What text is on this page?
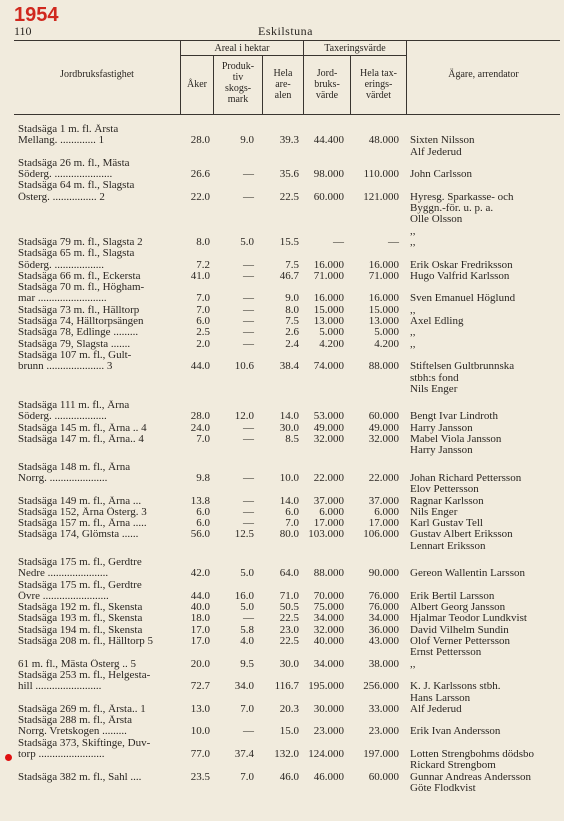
1954
110	Eskilstuna
Jordbruksfastighet
Areal i hektar	Taxeringsvärde
Åker
Produk-
tiv
skogs-
mark
Hela
are-
alen
Jord-
bruks-
värde
Hela tax-
erings-
värdet
Ägare, arrendator
Stadsäga 1 m. fl. Ärsta
Mellang. ............. 1	28.0	9.0	39.3	44.400	48.000 Sixten Nilsson
Alf Jederud
Stadsäga 26 m. fl., Mästa
Söderg. .....................	26.6	—	35.6	98.000	110.000 John Carlsson
Stadsäga 64 m. fl., Slagsta
Österg. ................ 2	22.0	—	22.5	60.000	121.000 Hyresg. Sparkasse- och
Byggn.-för. u. p. a.
Olle Olsson
,,
Stadsäga 79 m. fl., Slagsta 2	8.0	5.0	15.5	—	— ,,
Stadsäga 65 m. fl., Slagsta
Söderg. ..................	7.2	—	7.5	16.000	16.000 Erik Oskar Fredriksson
Stadsäga 66 m. fl., Eckersta	41.0	—	46.7	71.000	71.000 Hugo Valfrid Karlsson
Stadsäga 70 m. fl., Högham-
mar .........................	7.0	—	9.0	16.000	16.000 Sven Emanuel Höglund
Stadsäga 73 m. fl., Hälltorp	7.0	—	8.0	15.000	15.000 ,,
Stadsäga 74, Hälltorpsängen	6.0	—	7.5	13.000	13.000 Axel Edling
Stadsäga 78, Edlinge .........	2.5	—	2.6	5.000	5.000 ,,
Stadsäga 79, Slagsta .......	2.0	—	2.4	4.200	4.200 ,,
Stadsäga 107 m. fl., Gult-
brunn ..................... 3	44.0	10.6	38.4	74.000	88.000 Stiftelsen Gultbrunnska
stbh:s fond
Nils Enger
Stadsäga 111 m. fl., Ärna
Söderg. ...................	28.0	12.0	14.0	53.000	60.000 Bengt Ivar Lindroth
Stadsäga 145 m. fl., Ärna .. 4	24.0	—	30.0	49.000	49.000 Harry Jansson
Stadsäga 147 m. fl., Ärna.. 4	7.0	—	8.5	32.000	32.000 Mabel Viola Jansson
Harry Jansson
Stadsäga 148 m. fl., Ärna
Norrg. .....................	9.8	—	10.0	22.000	22.000 Johan Richard Pettersson
Elov Pettersson
Stadsäga 149 m. fl., Ärna ...	13.8	—	14.0	37.000	37.000 Ragnar Karlsson
Stadsäga 152, Ärna Österg. 3	6.0	—	6.0	6.000	6.000 Nils Enger
Stadsäga 157 m. fl., Ärna .....	6.0	—	7.0	17.000	17.000 Karl Gustav Tell
Stadsäga 174, Glömsta ......	56.0	12.5	80.0 103.000	106.000 Gustav Albert Eriksson
Lennart Eriksson
Stadsäga 175 m. fl., Gerdtre
Nedre ......................	42.0	5.0	64.0	88.000	90.000 Gereon Wallentin Larsson
Stadsäga 175 m. fl., Gerdtre
Övre ........................	44.0	16.0	71.0	70.000	76.000 Erik Bertil Larsson
Stadsäga 192 m. fl., Skensta	40.0	5.0	50.5	75.000	76.000 Albert Georg Jansson
Stadsäga 193 m. fl., Skensta	18.0	—	22.5	34.000	34.000 Hjalmar Teodor Lundkvist
Stadsäga 194 m. fl., Skensta	17.0	5.8	23.0	32.000	36.000 David Vilhelm Sundin
Stadsäga 208 m. fl., Hälltorp 5	17.0	4.0	22.5	40.000	43.000 Olof Verner Pettersson
Ernst Pettersson
61 m. fl., Mästa Österg .. 5	20.0	9.5	30.0	34.000	38.000 ,,
Stadsäga 253 m. fl., Helgesta-
hill ........................	72.7	34.0	116.7 195.000	256.000 K. J. Karlssons stbh.
Hans Larsson
Stadsäga 269 m. fl., Ärsta.. 1	13.0	7.0	20.3	30.000	33.000 Alf Jederud
Stadsäga 288 m. fl., Ärsta
Norrg. Vretskogen .........	10.0	—	15.0	23.000	23.000 Erik Ivan Andersson
Stadsäga 373, Skiftinge, Duv-
torp ........................	77.0	37.4	132.0 124.000	197.000 Lotten Strengbohms dödsbo
Rickard Strengbom
Stadsäga 382 m. fl., Sahl ....	23.5	7.0	46.0	46.000	60.000 Gunnar Andreas Andersson
Göte Flodkvist
